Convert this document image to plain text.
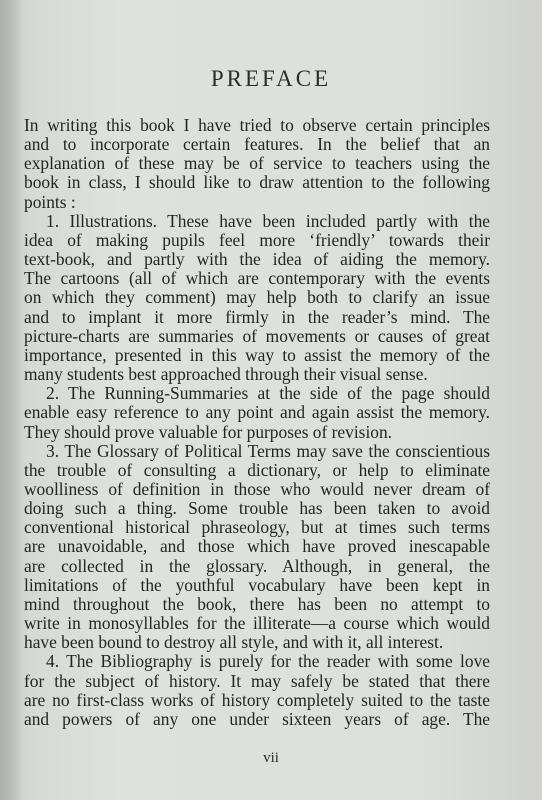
PREFACE
In writing this book I have tried to observe certain principles
and to incorporate certain features. In the belief that an
explanation of these may be of service to teachers using the
book in class, I should like to draw attention to the following
points :
1. Illustrations. These have been included partly with the
idea of making pupils feel more ‘friendly’ towards their
text-book, and partly with the idea of aiding the memory.
The cartoons (all of which are contemporary with the events
on which they comment) may help both to clarify an issue
and to implant it more firmly in the reader’s mind. The
picture-charts are summaries of movements or causes of great
importance, presented in this way to assist the memory of the
many students best approached through their visual sense.
2. The Running-Summaries at the side of the page should
enable easy reference to any point and again assist the memory.
They should prove valuable for purposes of revision.
3. The Glossary of Political Terms may save the conscientious
the trouble of consulting a dictionary, or help to eliminate
woolliness of definition in those who would never dream of
doing such a thing. Some trouble has been taken to avoid
conventional historical phraseology, but at times such terms
are unavoidable, and those which have proved inescapable
are collected in the glossary. Although, in general, the
limitations of the youthful vocabulary have been kept in
mind throughout the book, there has been no attempt to
write in monosyllables for the illiterate—a course which would
have been bound to destroy all style, and with it, all interest.
4. The Bibliography is purely for the reader with some love
for the subject of history. It may safely be stated that there
are no first-class works of history completely suited to the taste
and powers of any one under sixteen years of age. The
vii
